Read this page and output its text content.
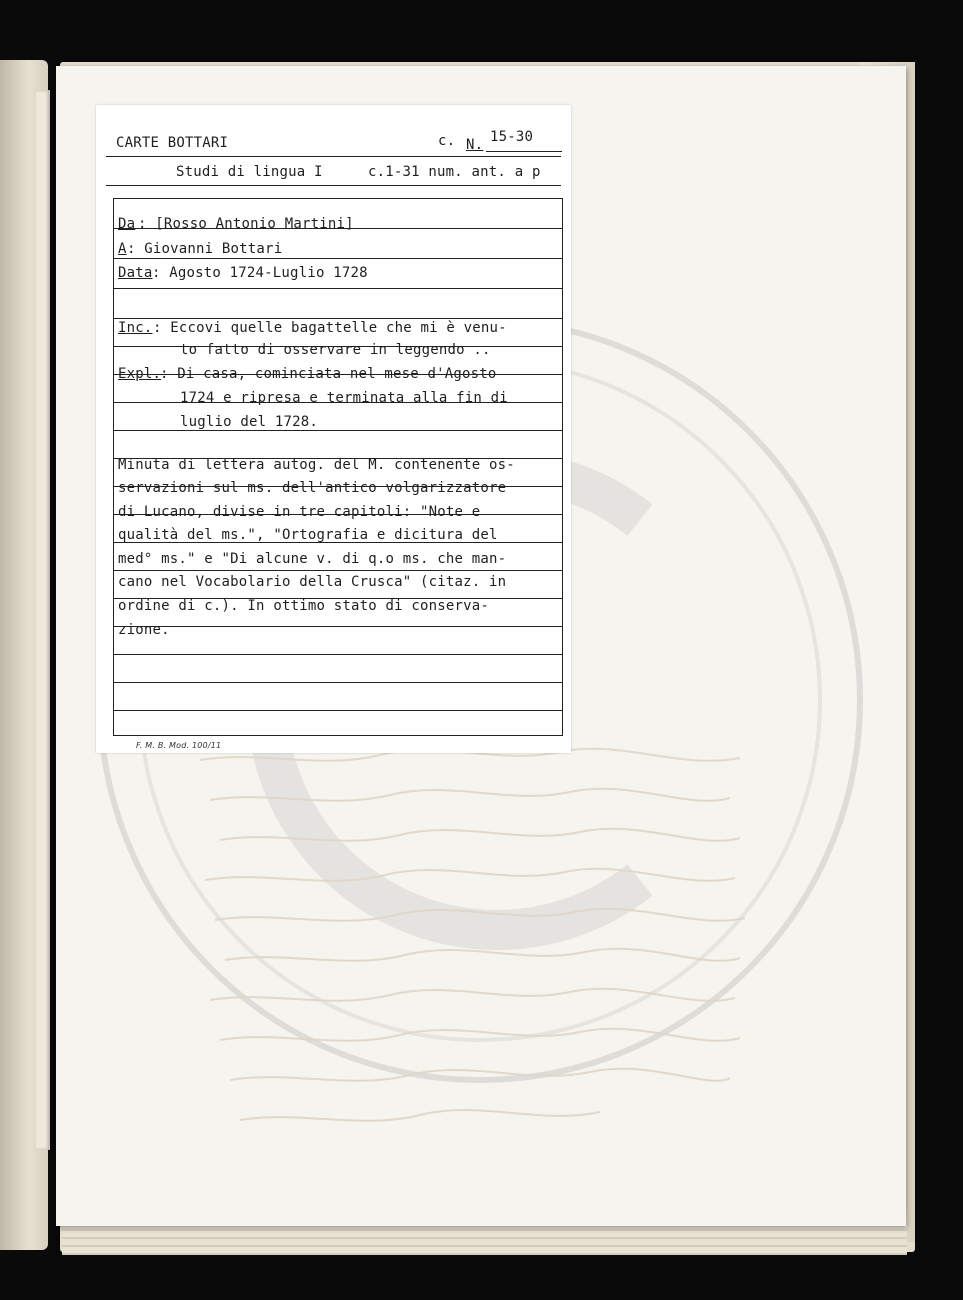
CARTE BOTTARI	c. N. 15-30
Studi di lingua I	c.1-31 num. ant. a p
Da : [Rosso Antonio Martini]
A : Giovanni Bottari
Data : Agosto 1724-Luglio 1728
Inc. : Eccovi quelle bagattelle che mi è venu-
to fatto di osservare in leggendo ..
Expl.
: Di casa, cominciata nel mese d'Agosto
1724 e ripresa e terminata alla fin di
luglio del 1728.
Minuta di lettera autog. del M. contenente os-
servazioni sul ms. dell'antico volgarizzatore
di Lucano, divise in tre capitoli: "Note e
qualità del ms.", "Ortografia e dicitura del
med° ms." e "Di alcune v. di q.o ms. che man-
cano nel Vocabolario della Crusca" (citaz. in
ordine di c.). In ottimo stato di conserva-
zione.
F. M. B. Mod. 100/11
